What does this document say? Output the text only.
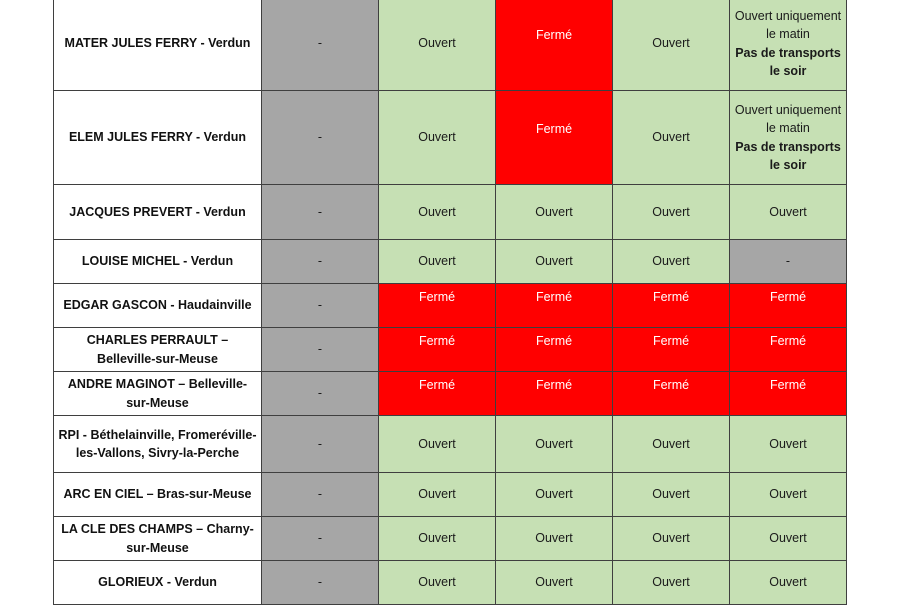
MATER JULES FERRY - Verdun	-	Ouvert	Fermé	Ouvert	Ouvert uniquement le matin
Pas de transports le soir

ELEM JULES FERRY - Verdun	-	Ouvert	Fermé	Ouvert	Ouvert uniquement le matin
Pas de transports le soir

JACQUES PREVERT - Verdun	-	Ouvert	Ouvert	Ouvert	Ouvert
LOUISE MICHEL - Verdun	-	Ouvert	Ouvert	Ouvert	-
EDGAR GASCON - Haudainville	-	Fermé	Fermé	Fermé	Fermé
CHARLES PERRAULT – Belleville-sur-Meuse	-	Fermé	Fermé	Fermé	Fermé
ANDRE MAGINOT – Belleville-sur-Meuse	-	Fermé	Fermé	Fermé	Fermé
RPI - Béthelainville, Fromeréville-les-Vallons, Sivry-la-Perche	-	Ouvert	Ouvert	Ouvert	Ouvert
ARC EN CIEL – Bras-sur-Meuse	-	Ouvert	Ouvert	Ouvert	Ouvert
LA CLE DES CHAMPS – Charny-sur-Meuse	-	Ouvert	Ouvert	Ouvert	Ouvert
GLORIEUX - Verdun	-	Ouvert	Ouvert	Ouvert	Ouvert
